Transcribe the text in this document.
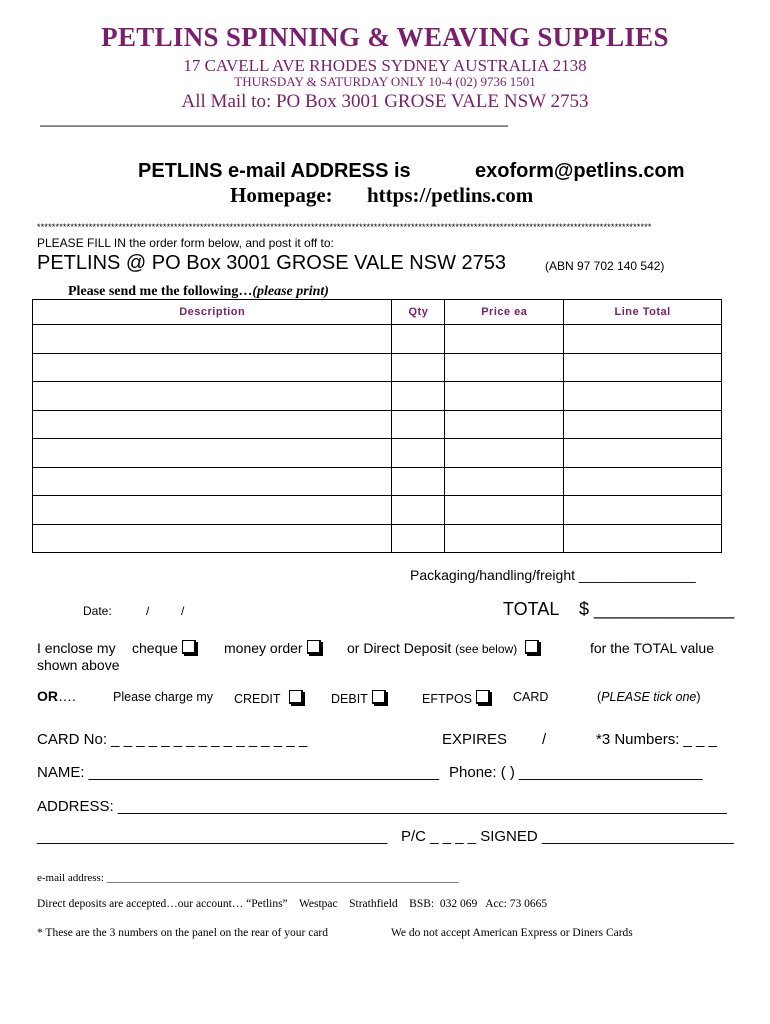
PETLINS SPINNING & WEAVING SUPPLIES
17 CAVELL AVE RHODES SYDNEY AUSTRALIA 2138
THURSDAY & SATURDAY ONLY 10-4 (02) 9736 1501
All Mail to: PO Box 3001 GROSE VALE NSW 2753
____________________________________________________
PETLINS e-mail ADDRESS is	exoform@petlins.com
Homepage: https://petlins.com
**********************************************************************************************************************************************************************
PLEASE FILL IN the order form below, and post it off to:
PETLINS @ PO Box 3001 GROSE VALE NSW 2753	(ABN 97 702 140 542)
Please send me the following…(please print)
Description	Qty	Price ea	Line Total

Packaging/handling/freight _______________
Date:	/	/	TOTAL $ ______________
I enclose my cheque	money order	or Direct Deposit (see below)	for the TOTAL value
shown above
OR….	Please charge my CREDIT	DEBIT	EFTPOS	CARD	(PLEASE tick one)
CARD No: _ _ _ _ _ _ _ _ _ _ _ _ _ _ _ _	EXPIRES /	*3 Numbers: _ _ _
NAME: __________________________________________ Phone: ( ) ______________________
ADDRESS: _________________________________________________________________________
__________________________________________ P/C _ _ _ _ SIGNED _______________________
e-mail address: ________________________________________________________________
Direct deposits are accepted…our account… “Petlins”    Westpac    Strathfield    BSB:  032 069   Acc: 73 0665
* These are the 3 numbers on the panel on the rear of your card	We do not accept American Express or Diners Cards
